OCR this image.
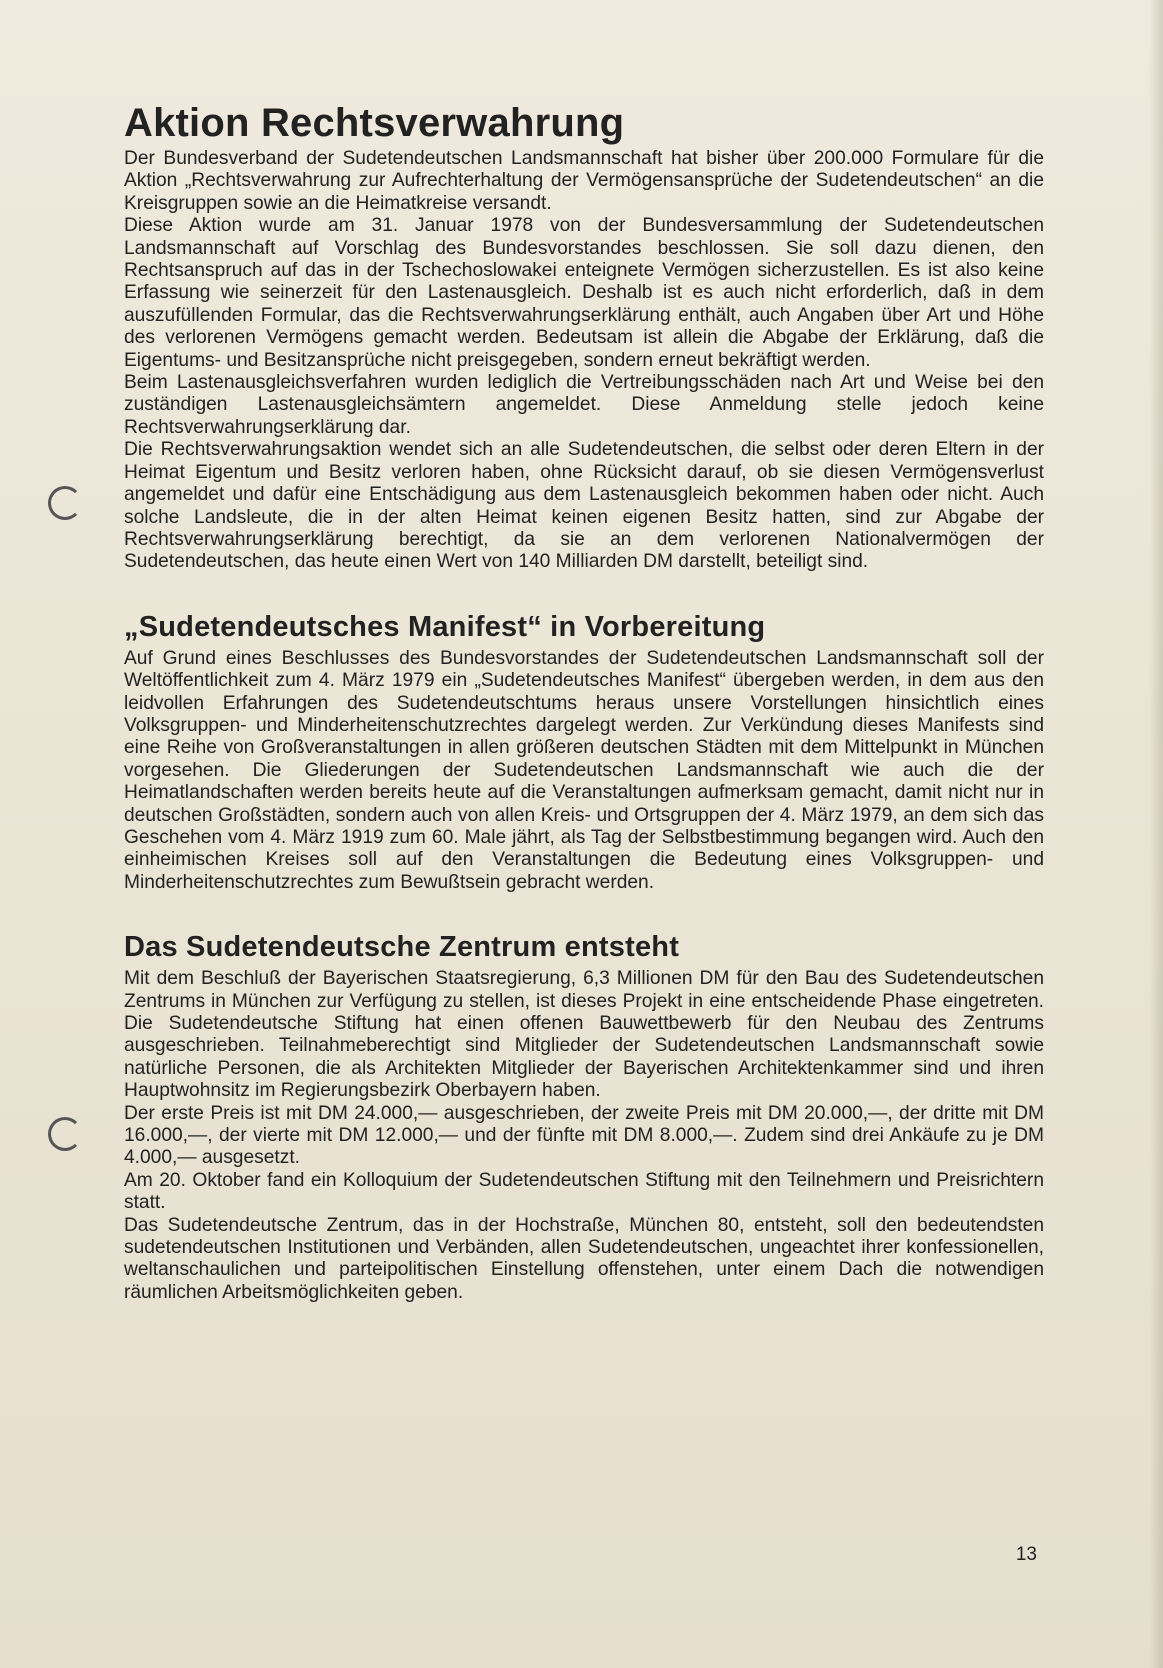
Aktion Rechtsverwahrung

Der Bundesverband der Sudetendeutschen Landsmannschaft hat bisher über 200.000 Formulare für die Aktion „Rechtsverwahrung zur Aufrechterhaltung der Vermögensansprüche der Sudetendeutschen“ an die Kreisgruppen sowie an die Heimatkreise versandt.

Diese Aktion wurde am 31. Januar 1978 von der Bundesversammlung der Sudetendeutschen Landsmannschaft auf Vorschlag des Bundesvorstandes beschlossen. Sie soll dazu dienen, den Rechtsanspruch auf das in der Tschechoslowakei enteignete Vermögen sicherzustellen. Es ist also keine Erfassung wie seinerzeit für den Lastenausgleich. Deshalb ist es auch nicht erforderlich, daß in dem auszufüllenden Formular, das die Rechtsverwahrungserklärung enthält, auch Angaben über Art und Höhe des verlorenen Vermögens gemacht werden. Bedeutsam ist allein die Abgabe der Erklärung, daß die Eigentums- und Besitzansprüche nicht preisgegeben, sondern erneut bekräftigt werden.

Beim Lastenausgleichsverfahren wurden lediglich die Vertreibungsschäden nach Art und Weise bei den zuständigen Lastenausgleichsämtern angemeldet. Diese Anmeldung stelle jedoch keine Rechtsverwahrungserklärung dar.

Die Rechtsverwahrungsaktion wendet sich an alle Sudetendeutschen, die selbst oder deren Eltern in der Heimat Eigentum und Besitz verloren haben, ohne Rücksicht darauf, ob sie diesen Vermögensverlust angemeldet und dafür eine Entschädigung aus dem Lastenausgleich bekommen haben oder nicht. Auch solche Landsleute, die in der alten Heimat keinen eigenen Besitz hatten, sind zur Abgabe der Rechtsverwahrungserklärung berechtigt, da sie an dem verlorenen Nationalvermögen der Sudetendeutschen, das heute einen Wert von 140 Milliarden DM darstellt, beteiligt sind.

„Sudetendeutsches Manifest“ in Vorbereitung

Auf Grund eines Beschlusses des Bundesvorstandes der Sudetendeutschen Landsmannschaft soll der Weltöffentlichkeit zum 4. März 1979 ein „Sudetendeutsches Manifest“ übergeben werden, in dem aus den leidvollen Erfahrungen des Sudetendeutschtums heraus unsere Vorstellungen hinsichtlich eines Volksgruppen- und Minderheitenschutzrechtes dargelegt werden. Zur Verkündung dieses Manifests sind eine Reihe von Großveranstaltungen in allen größeren deutschen Städten mit dem Mittelpunkt in München vorgesehen. Die Gliederungen der Sudetendeutschen Landsmannschaft wie auch die der Heimatlandschaften werden bereits heute auf die Veranstaltungen aufmerksam gemacht, damit nicht nur in deutschen Großstädten, sondern auch von allen Kreis- und Ortsgruppen der 4. März 1979, an dem sich das Geschehen vom 4. März 1919 zum 60. Male jährt, als Tag der Selbstbestimmung begangen wird. Auch den einheimischen Kreises soll auf den Veranstaltungen die Bedeutung eines Volksgruppen- und Minderheitenschutzrechtes zum Bewußtsein gebracht werden.

Das Sudetendeutsche Zentrum entsteht

Mit dem Beschluß der Bayerischen Staatsregierung, 6,3 Millionen DM für den Bau des Sudetendeutschen Zentrums in München zur Verfügung zu stellen, ist dieses Projekt in eine entscheidende Phase eingetreten. Die Sudetendeutsche Stiftung hat einen offenen Bauwettbewerb für den Neubau des Zentrums ausgeschrieben. Teilnahmeberechtigt sind Mitglieder der Sudetendeutschen Landsmannschaft sowie natürliche Personen, die als Architekten Mitglieder der Bayerischen Architektenkammer sind und ihren Hauptwohnsitz im Regierungsbezirk Oberbayern haben.

Der erste Preis ist mit DM 24.000,— ausgeschrieben, der zweite Preis mit DM 20.000,—, der dritte mit DM 16.000,—, der vierte mit DM 12.000,— und der fünfte mit DM 8.000,—. Zudem sind drei Ankäufe zu je DM 4.000,— ausgesetzt.

Am 20. Oktober fand ein Kolloquium der Sudetendeutschen Stiftung mit den Teilnehmern und Preisrichtern statt.

Das Sudetendeutsche Zentrum, das in der Hochstraße, München 80, entsteht, soll den bedeutendsten sudetendeutschen Institutionen und Verbänden, allen Sudetendeutschen, ungeachtet ihrer konfessionellen, weltanschaulichen und parteipolitischen Einstellung offenstehen, unter einem Dach die notwendigen räumlichen Arbeitsmöglichkeiten geben.

13
